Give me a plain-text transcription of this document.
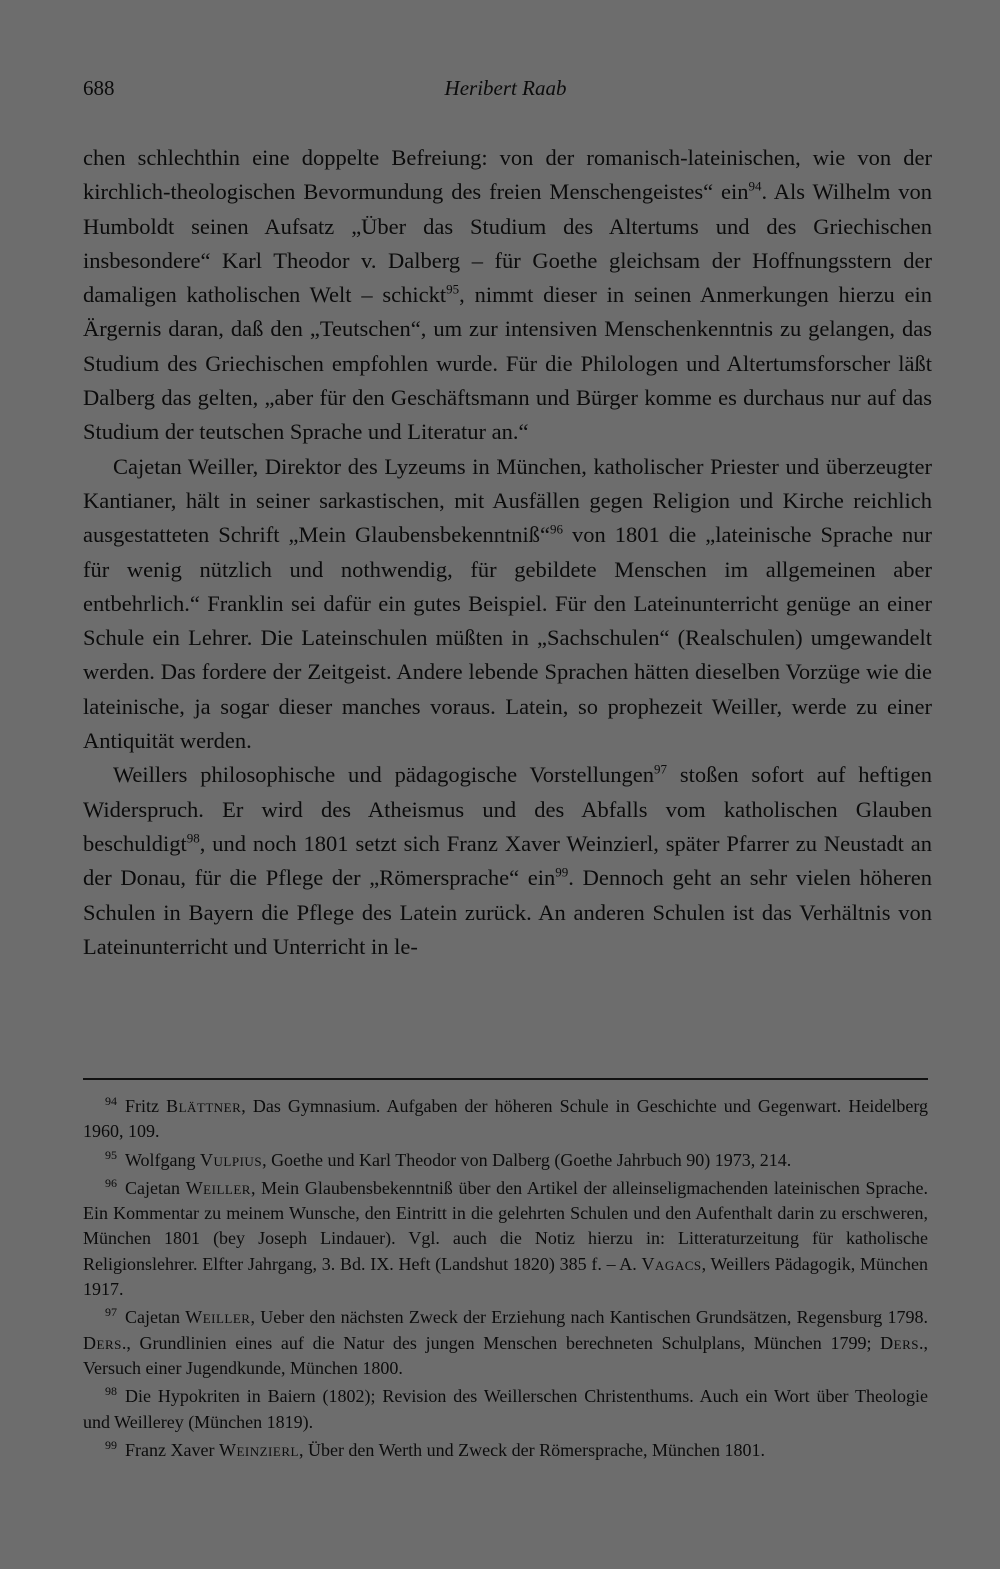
688	Heribert Raab

chen schlechthin eine doppelte Befreiung: von der romanisch-lateinischen, wie von der kirchlich-theologischen Bevormundung des freien Menschengeistes“ ein$^{94}$. Als Wilhelm von Humboldt seinen Aufsatz „Über das Studium des Altertums und des Griechischen insbesondere“ Karl Theodor v. Dalberg – für Goethe gleichsam der Hoffnungsstern der damaligen katholischen Welt – schickt$^{95}$, nimmt dieser in seinen Anmerkungen hierzu ein Ärgernis daran, daß den „Teutschen“, um zur intensiven Menschenkenntnis zu gelangen, das Studium des Griechischen empfohlen wurde. Für die Philologen und Altertumsforscher läßt Dalberg das gelten, „aber für den Geschäftsmann und Bürger komme es durchaus nur auf das Studium der teutschen Sprache und Literatur an.“

Cajetan Weiller, Direktor des Lyzeums in München, katholischer Priester und überzeugter Kantianer, hält in seiner sarkastischen, mit Ausfällen gegen Religion und Kirche reichlich ausgestatteten Schrift „Mein Glaubensbekenntniß“$^{96}$ von 1801 die „lateinische Sprache nur für wenig nützlich und nothwendig, für gebildete Menschen im allgemeinen aber entbehrlich.“ Franklin sei dafür ein gutes Beispiel. Für den Lateinunterricht genüge an einer Schule ein Lehrer. Die Lateinschulen müßten in „Sachschulen“ (Realschulen) umgewandelt werden. Das fordere der Zeitgeist. Andere lebende Sprachen hätten dieselben Vorzüge wie die lateinische, ja sogar dieser manches voraus. Latein, so prophezeit Weiller, werde zu einer Antiquität werden.

Weillers philosophische und pädagogische Vorstellungen$^{97}$ stoßen sofort auf heftigen Widerspruch. Er wird des Atheismus und des Abfalls vom katholischen Glauben beschuldigt$^{98}$, und noch 1801 setzt sich Franz Xaver Weinzierl, später Pfarrer zu Neustadt an der Donau, für die Pflege der „Römersprache“ ein$^{99}$. Dennoch geht an sehr vielen höheren Schulen in Bayern die Pflege des Latein zurück. An anderen Schulen ist das Verhältnis von Lateinunterricht und Unterricht in le-

$^{94}$ Fritz Blättner, Das Gymnasium. Aufgaben der höheren Schule in Geschichte und Gegenwart. Heidelberg 1960, 109.

$^{95}$ Wolfgang Vulpius, Goethe und Karl Theodor von Dalberg (Goethe Jahrbuch 90) 1973, 214.

$^{96}$ Cajetan Weiller, Mein Glaubensbekenntniß über den Artikel der alleinseligmachenden lateinischen Sprache. Ein Kommentar zu meinem Wunsche, den Eintritt in die gelehrten Schulen und den Aufenthalt darin zu erschweren, München 1801 (bey Joseph Lindauer). Vgl. auch die Notiz hierzu in: Litteraturzeitung für katholische Religionslehrer. Elfter Jahrgang, 3. Bd. IX. Heft (Landshut 1820) 385 f. – A. Vagacs, Weillers Pädagogik, München 1917.

$^{97}$ Cajetan Weiller, Ueber den nächsten Zweck der Erziehung nach Kantischen Grundsätzen, Regensburg 1798. Ders., Grundlinien eines auf die Natur des jungen Menschen berechneten Schulplans, München 1799; Ders., Versuch einer Jugendkunde, München 1800.

$^{98}$ Die Hypokriten in Baiern (1802); Revision des Weillerschen Christenthums. Auch ein Wort über Theologie und Weillerey (München 1819).

$^{99}$ Franz Xaver Weinzierl, Über den Werth und Zweck der Römersprache, München 1801.
